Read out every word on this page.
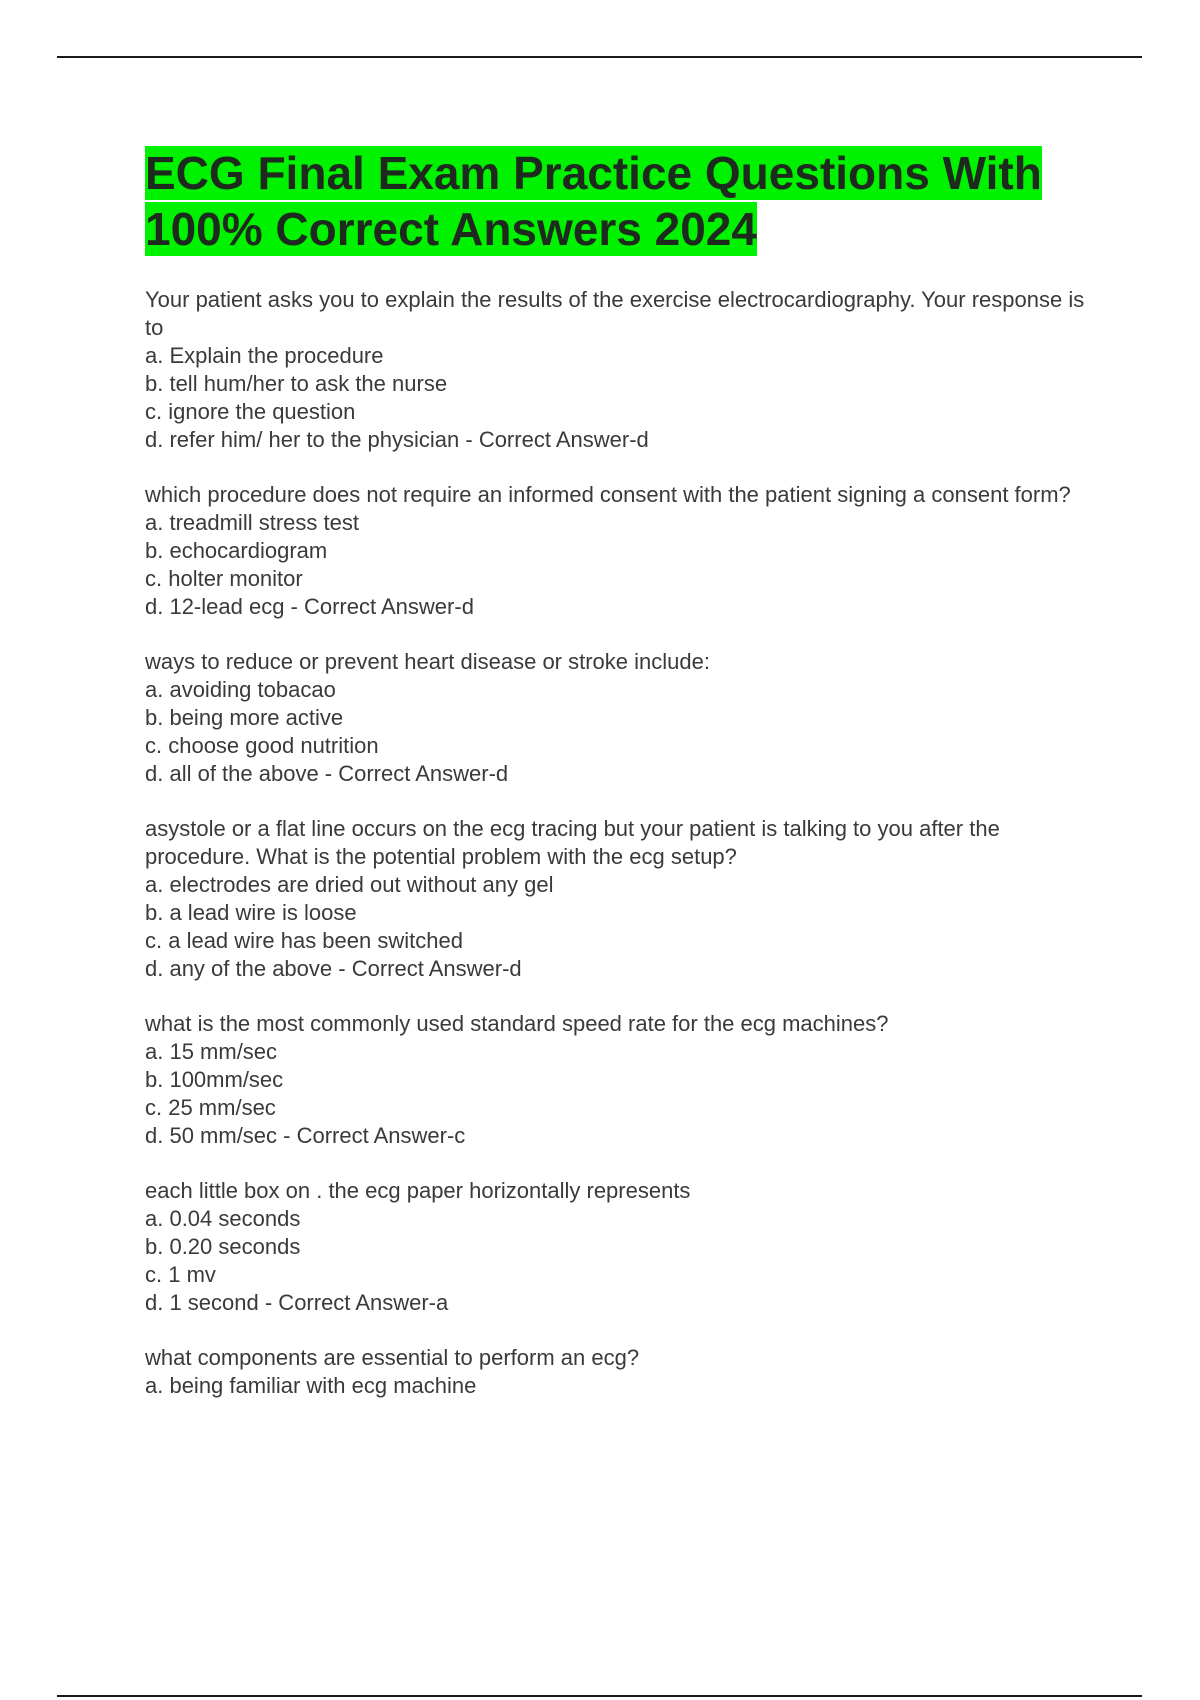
ECG Final Exam Practice Questions With 100% Correct Answers 2024
Your patient asks you to explain the results of the exercise electrocardiography. Your response is to
a. Explain the procedure
b. tell hum/her to ask the nurse
c. ignore the question
d. refer him/ her to the physician - Correct Answer-d
which procedure does not require an informed consent with the patient signing a consent form?
a. treadmill stress test
b. echocardiogram
c. holter monitor
d. 12-lead ecg - Correct Answer-d
ways to reduce or prevent heart disease or stroke include:
a. avoiding tobacao
b. being more active
c. choose good nutrition
d. all of the above - Correct Answer-d
asystole or a flat line occurs on the ecg tracing but your patient is talking to you after the procedure. What is the potential problem with the ecg setup?
a. electrodes are dried out without any gel
b. a lead wire is loose
c. a lead wire has been switched
d. any of the above - Correct Answer-d
what is the most commonly used standard speed rate for the ecg machines?
a. 15 mm/sec
b. 100mm/sec
c. 25 mm/sec
d. 50 mm/sec - Correct Answer-c
each little box on . the ecg paper horizontally represents
a. 0.04 seconds
b. 0.20 seconds
c. 1 mv
d. 1 second - Correct Answer-a
what components are essential to perform an ecg?
a. being familiar with ecg machine
